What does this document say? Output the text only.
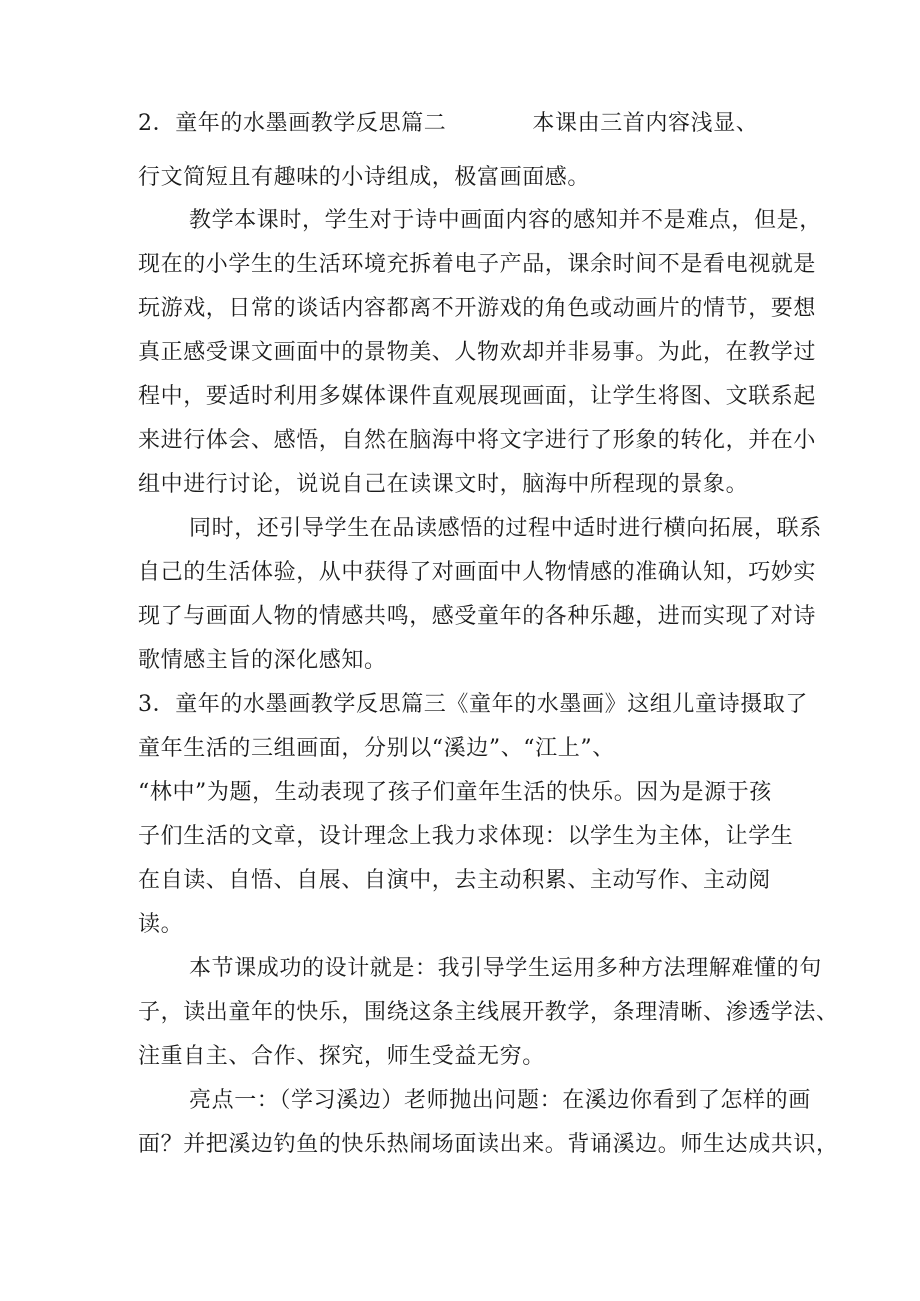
2．童年的水墨画教学反思篇二	本课由三首内容浅显、
行文简短且有趣味的小诗组成，极富画面感。
教学本课时，学生对于诗中画面内容的感知并不是难点，但是，
现在的小学生的生活环境充拆着电子产品，课余时间不是看电视就是
玩游戏，日常的谈话内容都离不开游戏的角色或动画片的情节，要想
真正感受课文画面中的景物美、人物欢却并非易事。为此，在教学过
程中，要适时利用多媒体课件直观展现画面，让学生将图、文联系起
来进行体会、感悟，自然在脑海中将文字进行了形象的转化，并在小
组中进行讨论，说说自己在读课文时，脑海中所程现的景象。
同时，还引导学生在品读感悟的过程中适时进行横向拓展，联系
自己的生活体验，从中获得了对画面中人物情感的准确认知，巧妙实
现了与画面人物的情感共鸣，感受童年的各种乐趣，进而实现了对诗
歌情感主旨的深化感知。
3．童年的水墨画教学反思篇三《童年的水墨画》这组儿童诗摄取了
童年生活的三组画面，分别以“溪边”、“江上”、
“林中”为题，生动表现了孩子们童年生活的快乐。因为是源于孩
子们生活的文章，设计理念上我力求体现：以学生为主体，让学生
在自读、自悟、自展、自演中，去主动积累、主动写作、主动阅
读。
本节课成功的设计就是：我引导学生运用多种方法理解难懂的句
子，读出童年的快乐，围绕这条主线展开教学，条理清晰、渗透学法、
注重自主、合作、探究，师生受益无穷。
亮点一：（学习溪边）老师抛出问题：在溪边你看到了怎样的画
面？并把溪边钓鱼的快乐热闹场面读出来。背诵溪边。师生达成共识，
